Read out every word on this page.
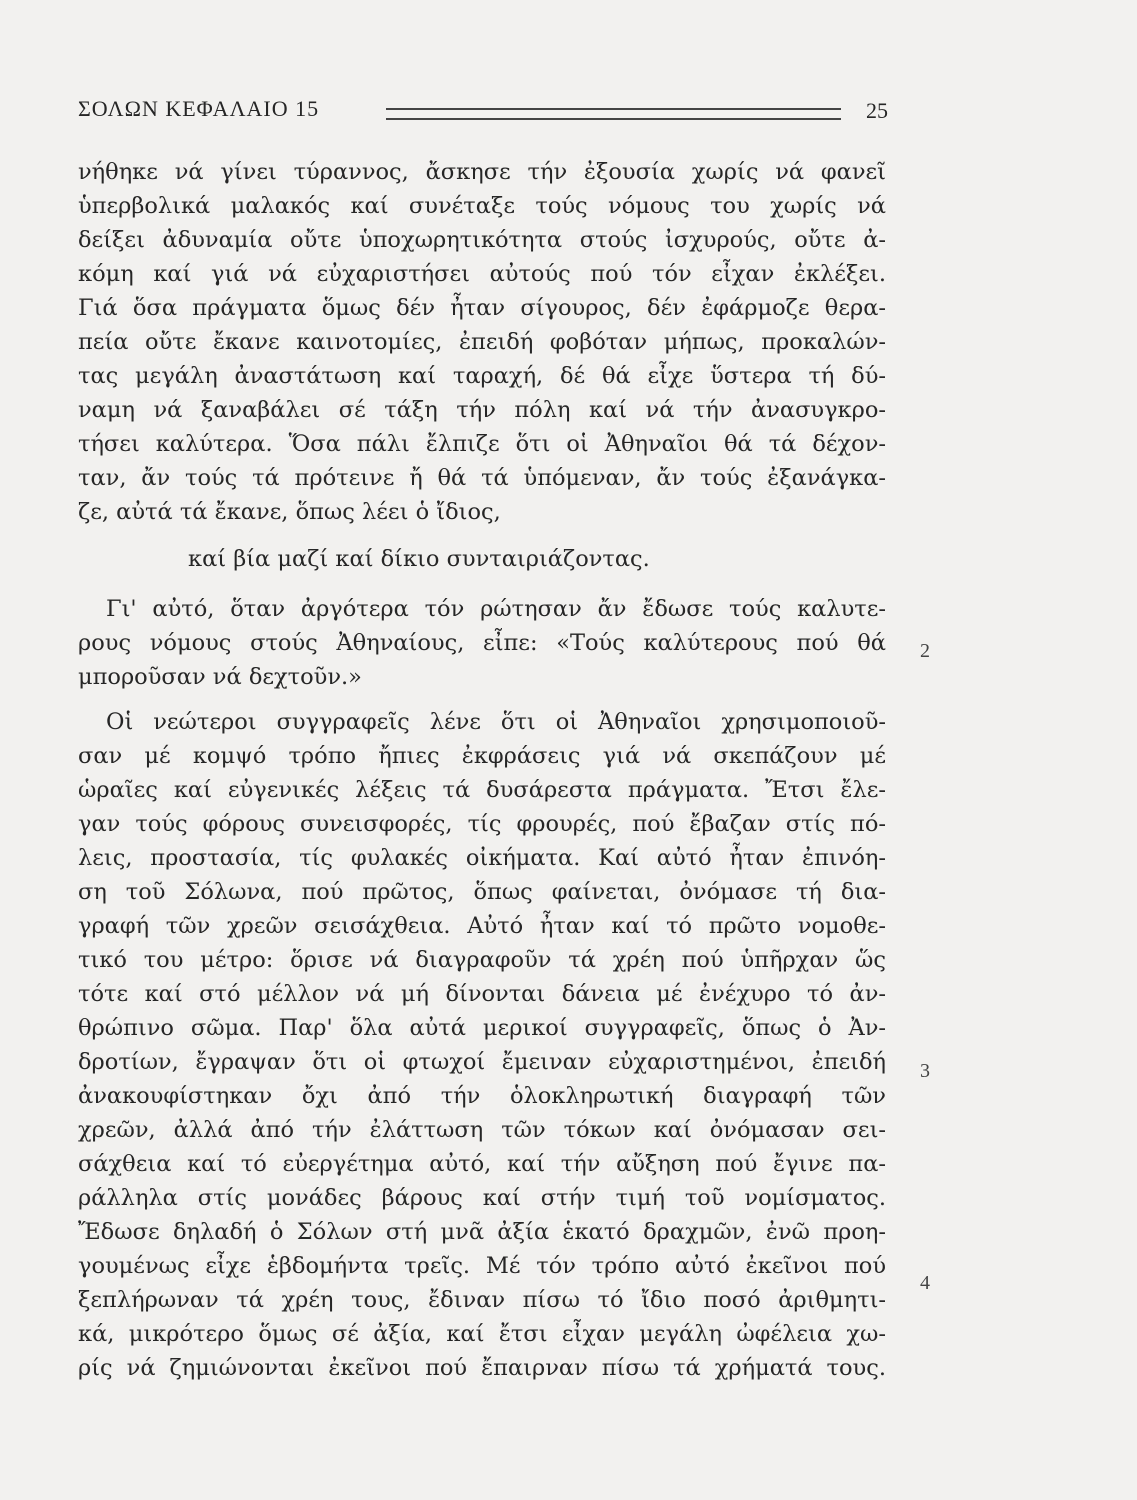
ΣΟΛΩΝ ΚΕΦΑΛΑΙΟ 15	25
νήθηκε νά γίνει τύραννος, ἄσκησε τήν ἐξουσία χωρίς νά φανεῖ
ὑπερβολικά μαλακός καί συνέταξε τούς νόμους του χωρίς νά
δείξει ἀδυναμία οὔτε ὑποχωρητικότητα στούς ἰσχυρούς, οὔτε ἀ-
κόμη καί γιά νά εὐχαριστήσει αὐτούς πού τόν εἶχαν ἐκλέξει.
Γιά ὅσα πράγματα ὅμως δέν ἦταν σίγουρος, δέν ἐφάρμοζε θερα-
πεία οὔτε ἔκανε καινοτομίες, ἐπειδή φοβόταν μήπως, προκαλών-
τας μεγάλη ἀναστάτωση καί ταραχή, δέ θά εἶχε ὕστερα τή δύ-
ναμη νά ξαναβάλει σέ τάξη τήν πόλη καί νά τήν ἀνασυγκρο-
τήσει καλύτερα. Ὅσα πάλι ἔλπιζε ὅτι οἱ Ἀθηναῖοι θά τά δέχον-
ταν, ἄν τούς τά πρότεινε ἤ θά τά ὑπόμεναν, ἄν τούς ἐξανάγκα-
ζε, αὐτά τά ἔκανε, ὅπως λέει ὁ ἴδιος,
καί βία μαζί καί δίκιο συνταιριάζοντας.
Γι' αὐτό, ὅταν ἀργότερα τόν ρώτησαν ἄν ἔδωσε τούς καλυτε-
ρους νόμους στούς Ἀθηναίους, εἶπε: «Τούς καλύτερους πού θά
μποροῦσαν νά δεχτοῦν.»
Οἱ νεώτεροι συγγραφεῖς λένε ὅτι οἱ Ἀθηναῖοι χρησιμοποιοῦ-
σαν μέ κομψό τρόπο ἤπιες ἐκφράσεις γιά νά σκεπάζουν μέ
ὡραῖες καί εὐγενικές λέξεις τά δυσάρεστα πράγματα. Ἔτσι ἔλε-
γαν τούς φόρους συνεισφορές, τίς φρουρές, πού ἔβαζαν στίς πό-
λεις, προστασία, τίς φυλακές οἰκήματα. Καί αὐτό ἦταν ἐπινόη-
ση τοῦ Σόλωνα, πού πρῶτος, ὅπως φαίνεται, ὀνόμασε τή δια-
γραφή τῶν χρεῶν σεισάχθεια. Αὐτό ἦταν καί τό πρῶτο νομοθε-
τικό του μέτρο: ὅρισε νά διαγραφοῦν τά χρέη πού ὑπῆρχαν ὥς
τότε καί στό μέλλον νά μή δίνονται δάνεια μέ ἐνέχυρο τό ἀν-
θρώπινο σῶμα. Παρ' ὅλα αὐτά μερικοί συγγραφεῖς, ὅπως ὁ Ἀν-
δροτίων, ἔγραψαν ὅτι οἱ φτωχοί ἔμειναν εὐχαριστημένοι, ἐπειδή
ἀνακουφίστηκαν ὄχι ἀπό τήν ὁλοκληρωτική διαγραφή τῶν
χρεῶν, ἀλλά ἀπό τήν ἐλάττωση τῶν τόκων καί ὀνόμασαν σει-
σάχθεια καί τό εὐεργέτημα αὐτό, καί τήν αὔξηση πού ἔγινε πα-
ράλληλα στίς μονάδες βάρους καί στήν τιμή τοῦ νομίσματος.
Ἔδωσε δηλαδή ὁ Σόλων στή μνᾶ ἀξία ἑκατό δραχμῶν, ἐνῶ προη-
γουμένως εἶχε ἑβδομήντα τρεῖς. Μέ τόν τρόπο αὐτό ἐκεῖνοι πού
ξεπλήρωναν τά χρέη τους, ἔδιναν πίσω τό ἴδιο ποσό ἀριθμητι-
κά, μικρότερο ὅμως σέ ἀξία, καί ἔτσι εἶχαν μεγάλη ὠφέλεια χω-
ρίς νά ζημιώνονται ἐκεῖνοι πού ἔπαιρναν πίσω τά χρήματά τους.
2
3
4
